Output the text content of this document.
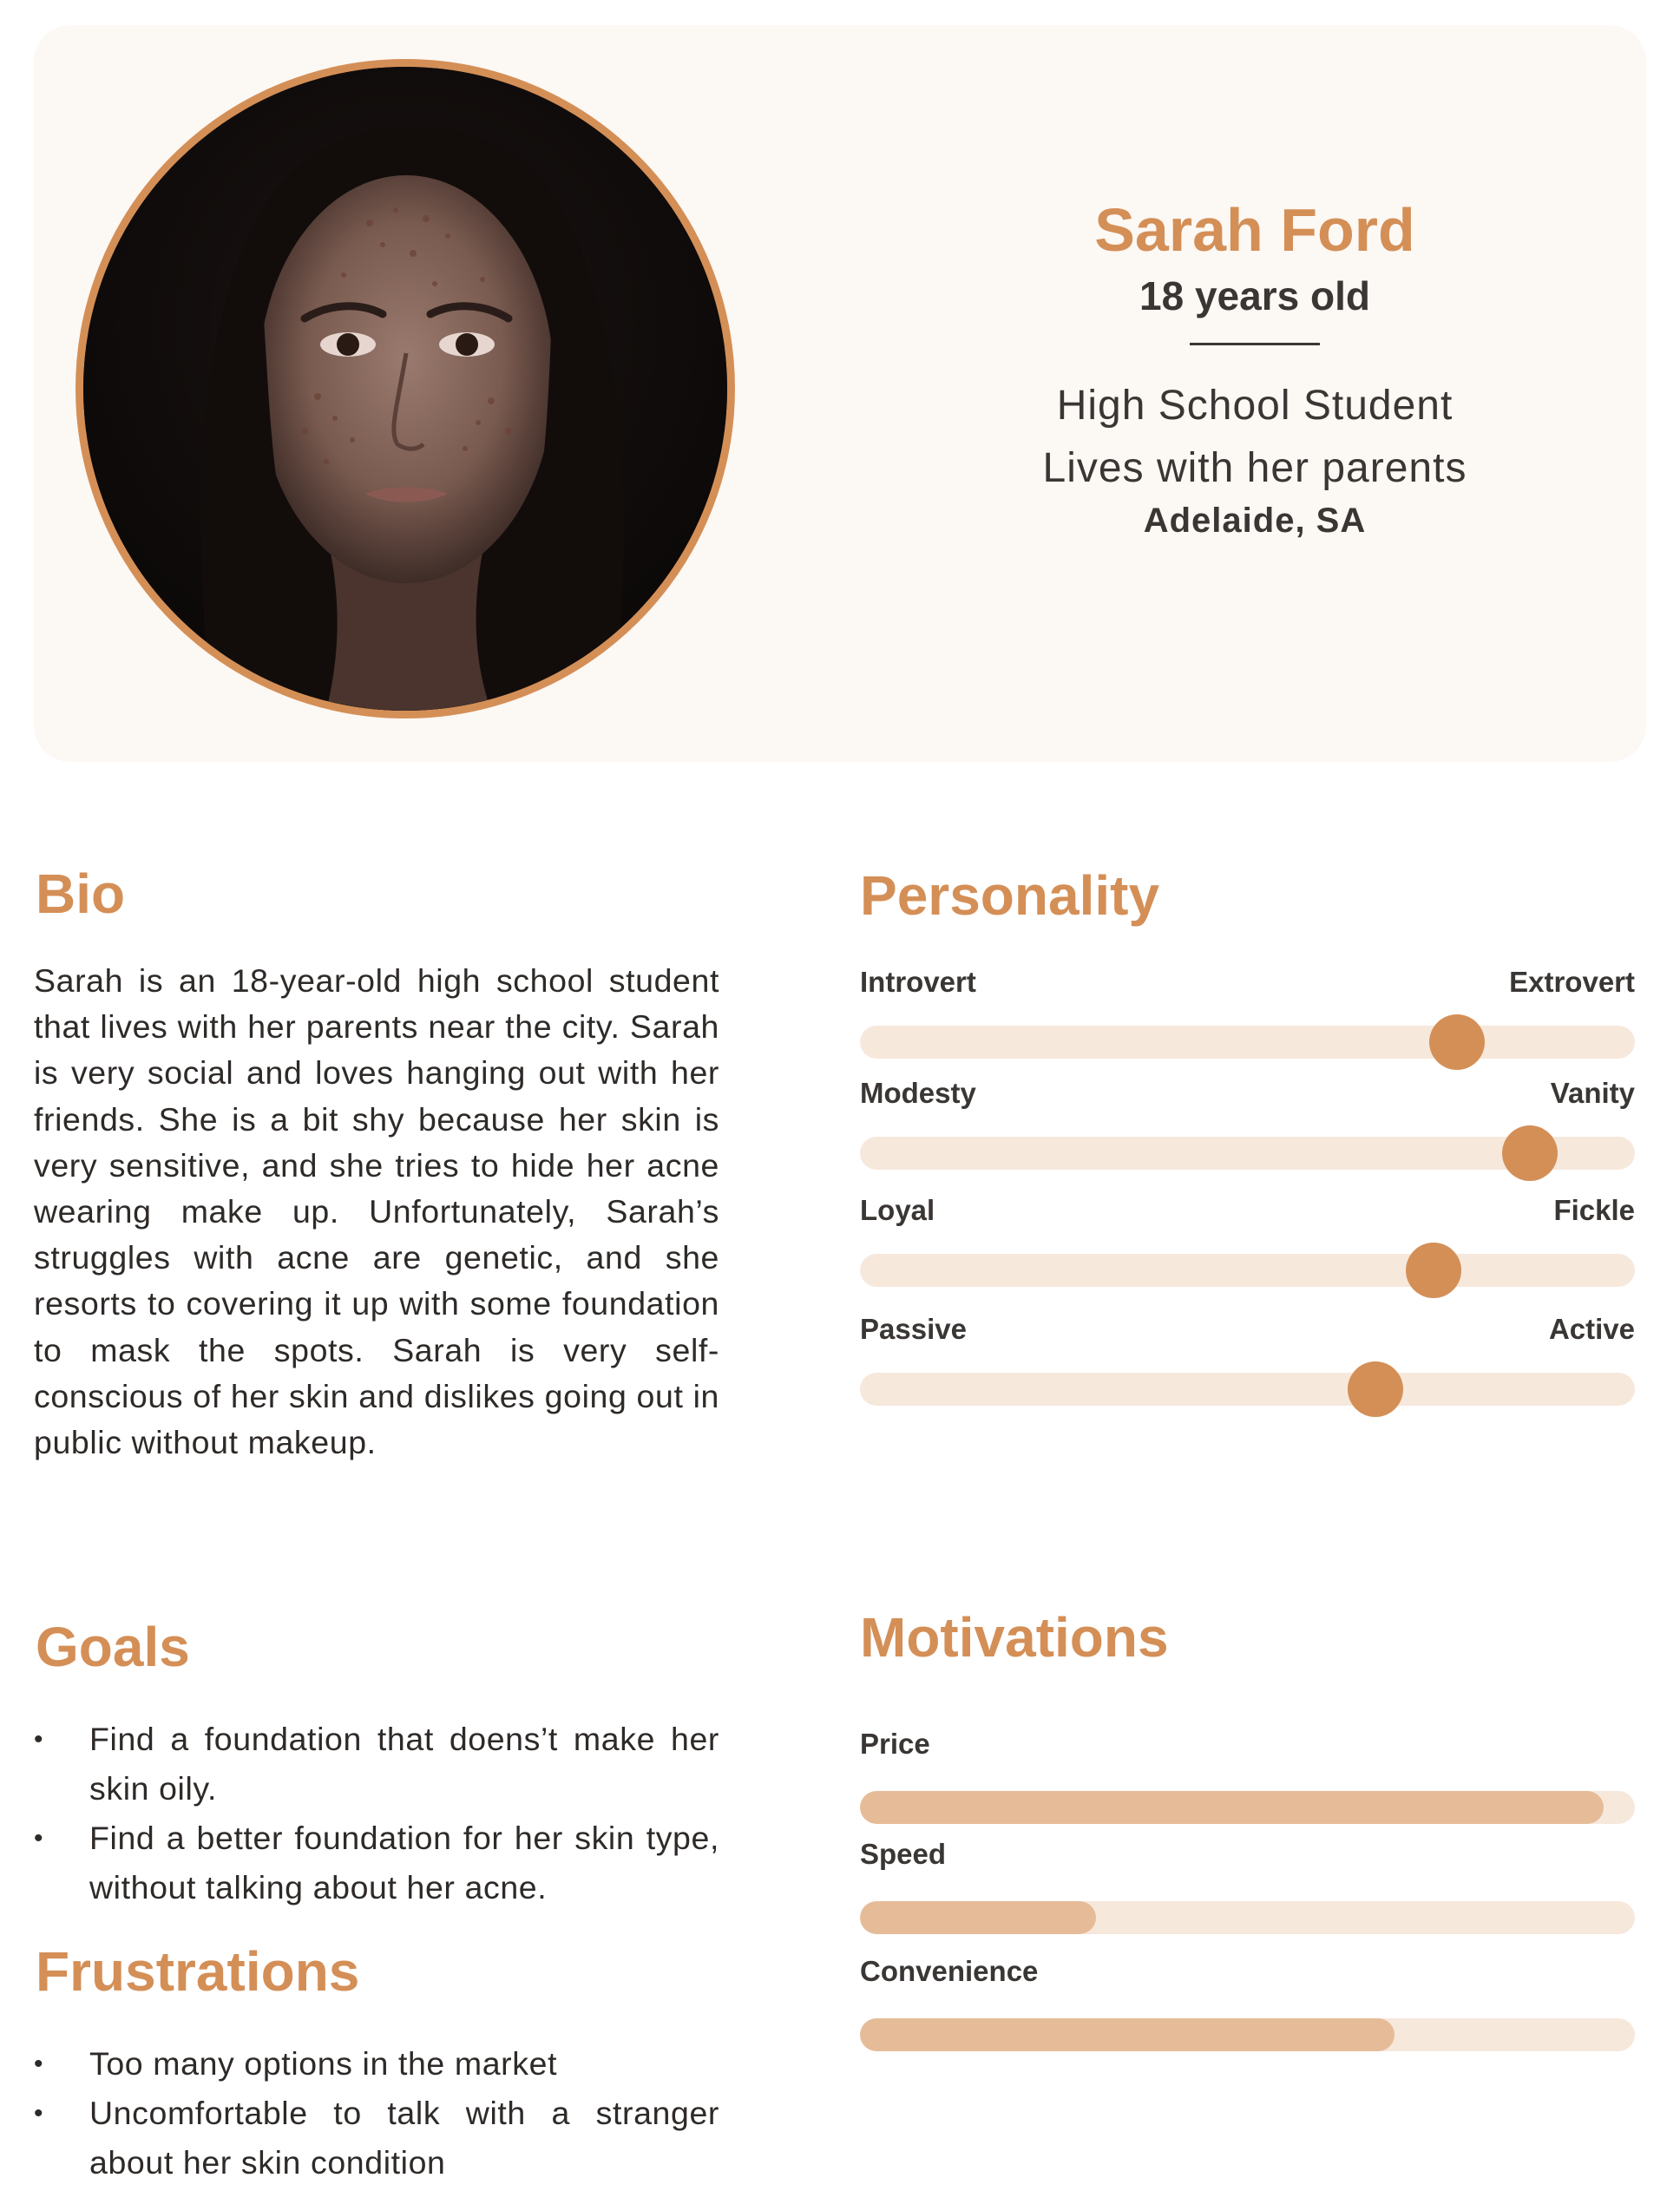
Sarah Ford
18 years old
High School Student
Lives with her parents
Adelaide, SA
Bio
Sarah is an 18-year-old high school student that lives with her parents near the city. Sarah is very social and loves hanging out with her friends. She is a bit shy because her skin is very sensitive, and she tries to hide her acne wearing make up. Unfortunately, Sarah’s struggles with acne are genetic, and she resorts to covering it up with some foundation to mask the spots. Sarah is very self-conscious of her skin and dislikes going out in public without makeup.
Goals
• Find a foundation that doens’t make her skin oily.
• Find a better foundation for her skin type, without talking about her acne.
Frustrations
• Too many options in the market
• Uncomfortable to talk with a stranger about her skin condition
Personality
Introvert	Extrovert
Modesty	Vanity
Loyal	Fickle
Passive	Active
Motivations
Price
Speed
Convenience
